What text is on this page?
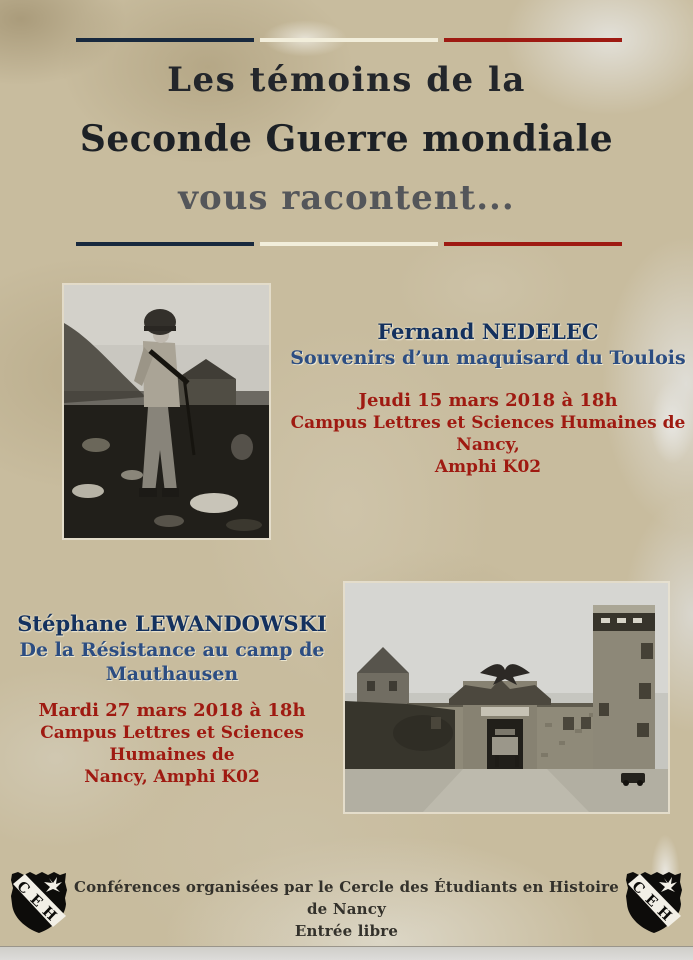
Les témoins de la
Seconde Guerre mondiale
vous racontent...
Fernand NEDELEC
Souvenirs d’un maquisard du Toulois
Jeudi 15 mars 2018 à 18h
Campus Lettres et Sciences Humaines de Nancy,
Amphi K02
Stéphane LEWANDOWSKI
De la Résistance au camp de
Mauthausen
Mardi 27 mars 2018 à 18h
Campus Lettres et Sciences Humaines de
Nancy, Amphi K02
Conférences organisées par le Cercle des Étudiants en Histoire de Nancy
Entrée libre
C
E
H
C
E
H
